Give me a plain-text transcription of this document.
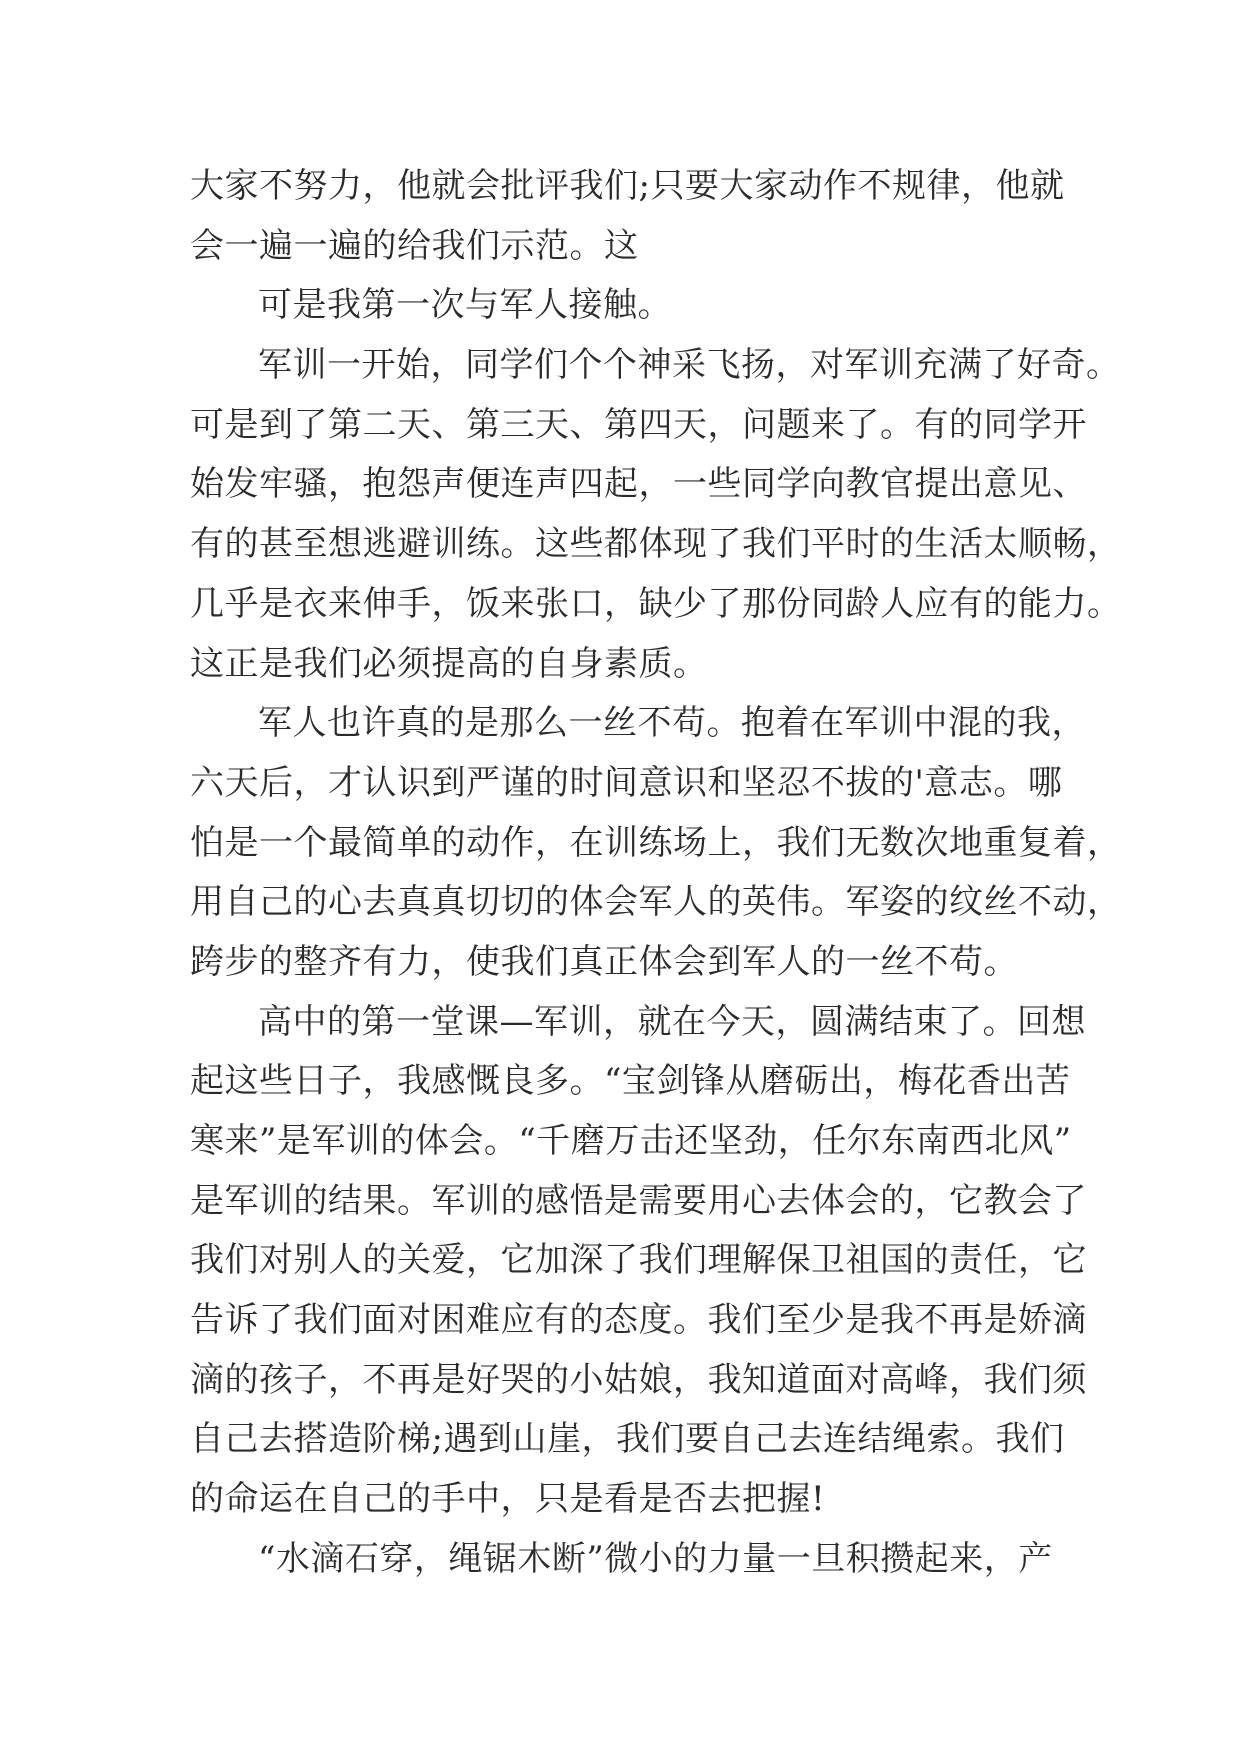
大家不努力，他就会批评我们;只要大家动作不规律，他就
会一遍一遍的给我们示范。这
可是我第一次与军人接触。
军训一开始，同学们个个神采飞扬，对军训充满了好奇。
可是到了第二天、第三天、第四天，问题来了。有的同学开
始发牢骚，抱怨声便连声四起，一些同学向教官提出意见、
有的甚至想逃避训练。这些都体现了我们平时的生活太顺畅，
几乎是衣来伸手，饭来张口，缺少了那份同龄人应有的能力。
这正是我们必须提高的自身素质。
军人也许真的是那么一丝不苟。抱着在军训中混的我，
六天后，才认识到严谨的时间意识和坚忍不拔的'意志。哪
怕是一个最简单的动作，在训练场上，我们无数次地重复着，
用自己的心去真真切切的体会军人的英伟。军姿的纹丝不动，
跨步的整齐有力，使我们真正体会到军人的一丝不苟。
高中的第一堂课—军训，就在今天，圆满结束了。回想
起这些日子，我感慨良多。“宝剑锋从磨砺出，梅花香出苦
寒来”是军训的体会。“千磨万击还坚劲，任尔东南西北风”
是军训的结果。军训的感悟是需要用心去体会的，它教会了
我们对别人的关爱，它加深了我们理解保卫祖国的责任，它
告诉了我们面对困难应有的态度。我们至少是我不再是娇滴
滴的孩子，不再是好哭的小姑娘，我知道面对高峰，我们须
自己去搭造阶梯;遇到山崖，我们要自己去连结绳索。我们
的命运在自己的手中，只是看是否去把握!
“水滴石穿，绳锯木断”微小的力量一旦积攒起来，产
